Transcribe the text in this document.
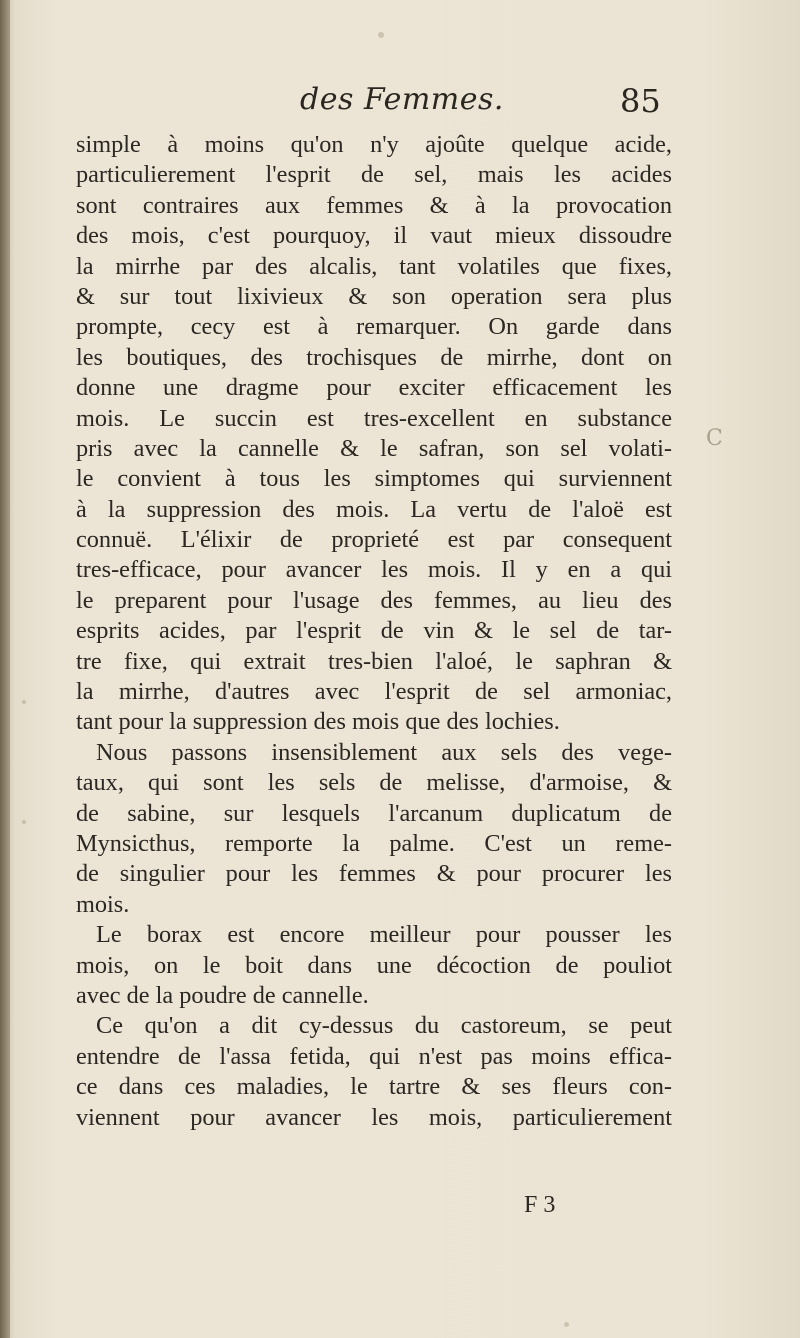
des Femmes.	85
simple à moins qu'on n'y ajoûte quelque acide,
particulierement l'esprit de sel, mais les acides
sont contraires aux femmes & à la provocation
des mois, c'est pourquoy, il vaut mieux dissoudre
la mirrhe par des alcalis, tant volatiles que fixes,
& sur tout lixivieux & son operation sera plus
prompte, cecy est à remarquer. On garde dans
les boutiques, des trochisques de mirrhe, dont on
donne une dragme pour exciter efficacement les
mois. Le succin est tres-excellent en substance
pris avec la cannelle & le safran, son sel volati-
le convient à tous les simptomes qui surviennent
à la suppression des mois. La vertu de l'aloë est
connuë. L'élixir de proprieté est par consequent
tres-efficace, pour avancer les mois. Il y en a qui
le preparent pour l'usage des femmes, au lieu des
esprits acides, par l'esprit de vin & le sel de tar-
tre fixe, qui extrait tres-bien l'aloé, le saphran &
la mirrhe, d'autres avec l'esprit de sel armoniac,
tant pour la suppression des mois que des lochies.
Nous passons insensiblement aux sels des vege-
taux, qui sont les sels de melisse, d'armoise, &
de sabine, sur lesquels l'arcanum duplicatum de
Mynsicthus, remporte la palme. C'est un reme-
de singulier pour les femmes & pour procurer les
mois.
Le borax est encore meilleur pour pousser les
mois, on le boit dans une décoction de pouliot
avec de la poudre de cannelle.
Ce qu'on a dit cy-dessus du castoreum, se peut
entendre de l'assa fetida, qui n'est pas moins effica-
ce dans ces maladies, le tartre & ses fleurs con-
viennent pour avancer les mois, particulierement
F 3
C
